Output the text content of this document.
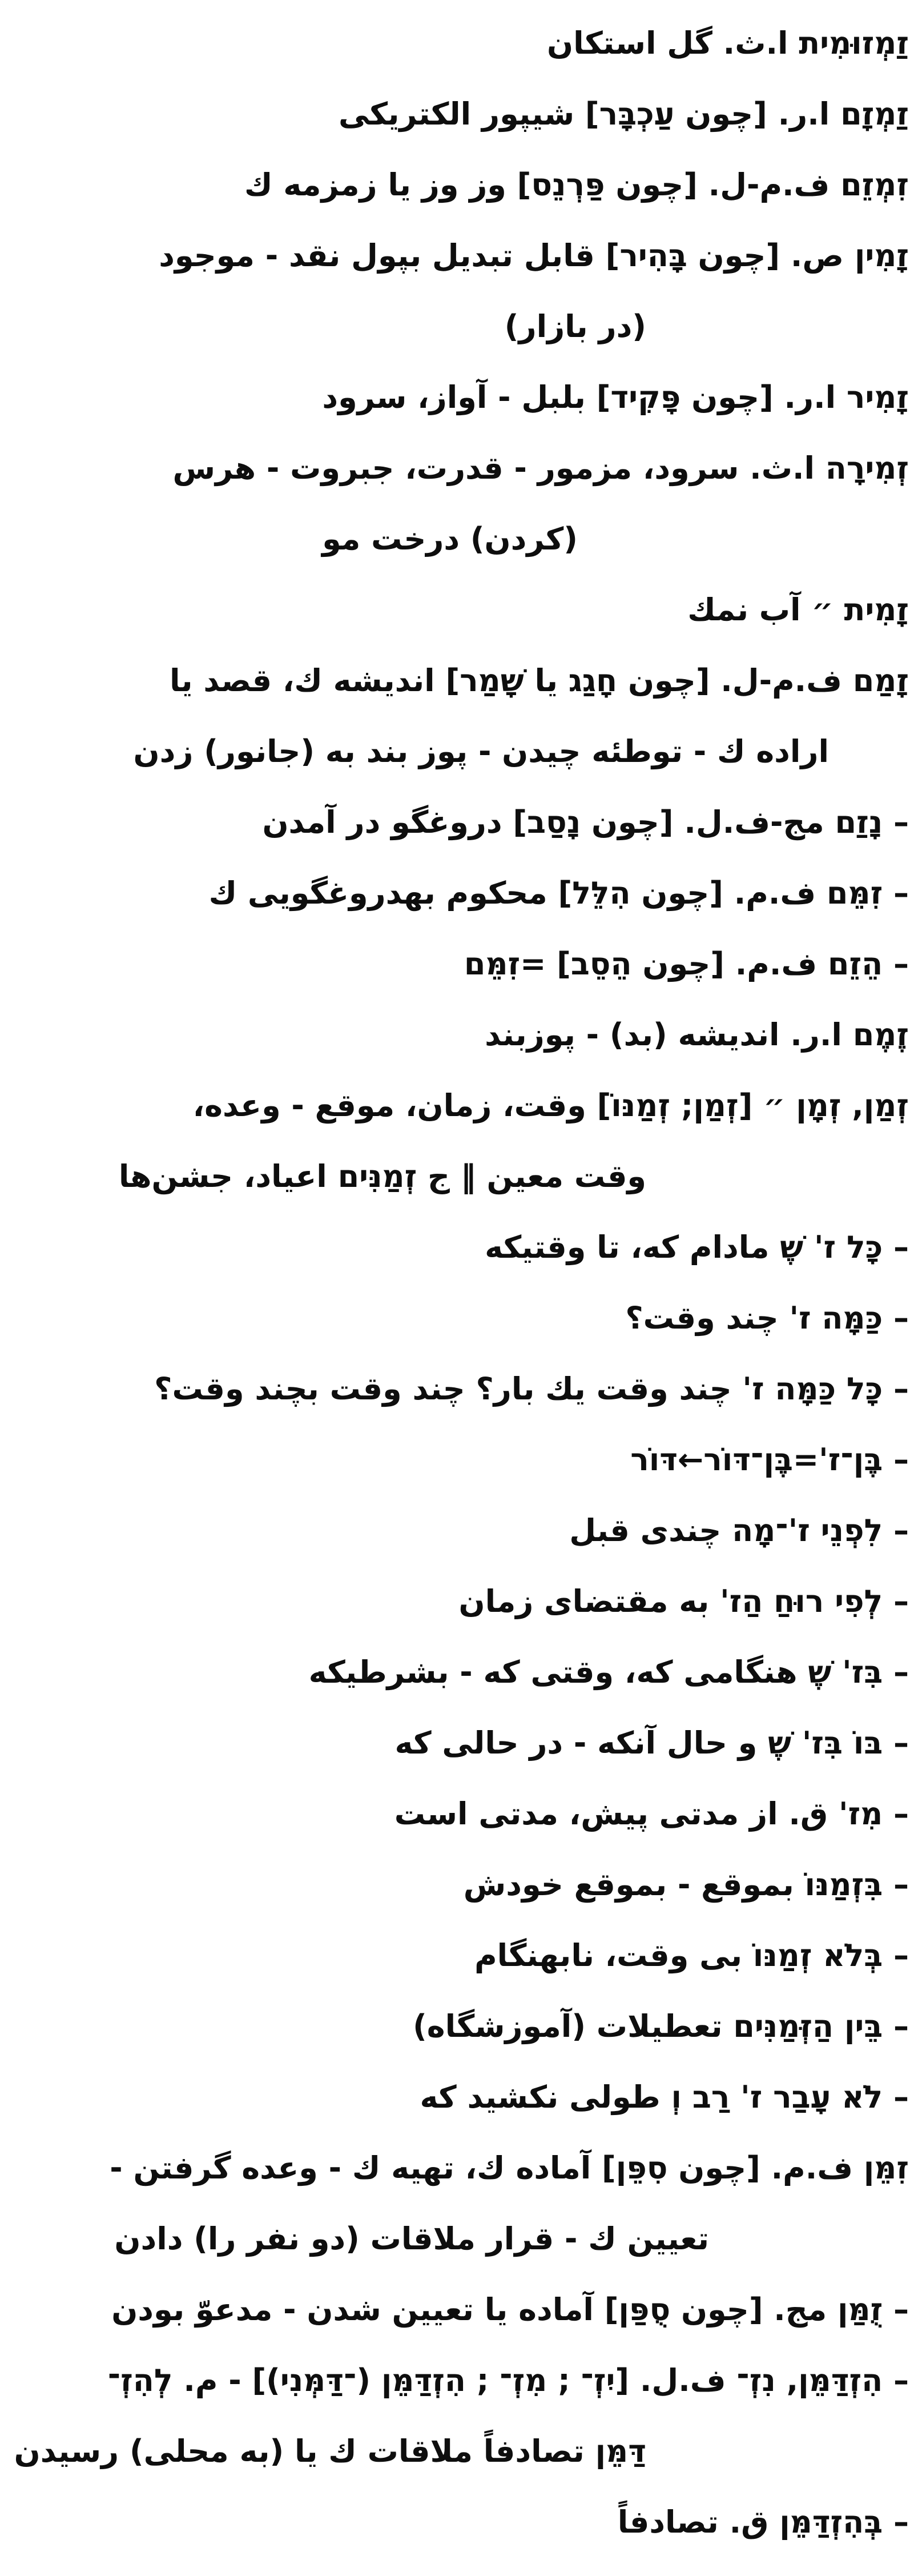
זַמְזוּמִית ا.ث. گل استكان
זַמְזָם ا.ر. [چون עַכְבָּר] شيپور الكتريكى
זִמְזֵם ف.م-ل. [چون פַּרְנֵס] وز وز يا زمزمه ك
זָמִין ص. [چون בָּהִיר] قابل تبديل بپول نقد - موجود
(در بازار)
זָמִיר ا.ر. [چون פָּקִיד] بلبل - آواز، سرود
זְמִירָה ا.ث. سرود، مزمور - قدرت، جبروت - هرس
(كردن) درخت مو
זָמִית ״ آب نمك
זָמַם ف.م-ل. [چون חָגַג يا שָׁמַר] انديشه ك، قصد يا
اراده ك - توطئه چيدن - پوز بند به (جانور) زدن
– נָזַם مج-ف.ل. [چون נָסַב] دروغگو در آمدن
– זִמֵּם ف.م. [چون הִלֵּל] محكوم بهدروغگويى ك
– הֵזֵם ف.م. [چون הֵסֵב] =זִמֵּם
זֶמֶם ا.ر. انديشه (بد) - پوزبند
זְמַן, זְמָן ״ [זְמַן; זְמַנּוֹ] وقت، زمان، موقع - وعده،
وقت معين ‖ ج זְמַנִּים اعياد، جشن‌ها
– כָּל ז' שֶׁ مادام كه، تا وقتيكه
– כַּמָּה ז' چند وقت؟
– כָּל כַּמָּה ז' چند وقت يك بار؟ چند وقت بچند وقت؟
– בֶּן־ז'=בֶּן־דּוֹר←דּוֹר
– לִפְנֵי ז'־מָה چندى قبل
– לְפִי רוּחַ הַז' به مقتضاى زمان
– בִּז' שֶׁ هنگامى كه، وقتى كه - بشرطيكه
– בּוֹ בִּז' שֶׁ و حال آنكه - در حالى كه
– מִז' ق. از مدتى پيش، مدتى است
– בִּזְמַנּוֹ بموقع - بموقع خودش
– בְּלֹא זְמַנּוֹ بى وقت، نابهنگام
– בֵּין הַזְּמַנִּים تعطيلات (آموزشگاه)
– לֹא עָבַר ז' רַב וְ طولى نكشيد كه
זִמֵּן ف.م. [چون סִפֵּן] آماده ك، تهيه ك - وعده گرفتن -
تعيين ك - قرار ملاقات (دو نفر را) دادن
– זֻמַּן مج. [چون סֻפַּן] آماده يا تعيين شدن - مدعوّ بودن
– הִזְדַּמֵּן, נִזְ־ ف.ل. [יִזְ־ ; מִזְ־ ; הִזְדַּמֵּן (־דַּמְּנִי)] - م. לְהִזְ־
דַּמֵּן تصادفاً ملاقات ك يا (به محلى) رسيدن
– בְּהִזְדַּמֵּן ق. تصادفاً
